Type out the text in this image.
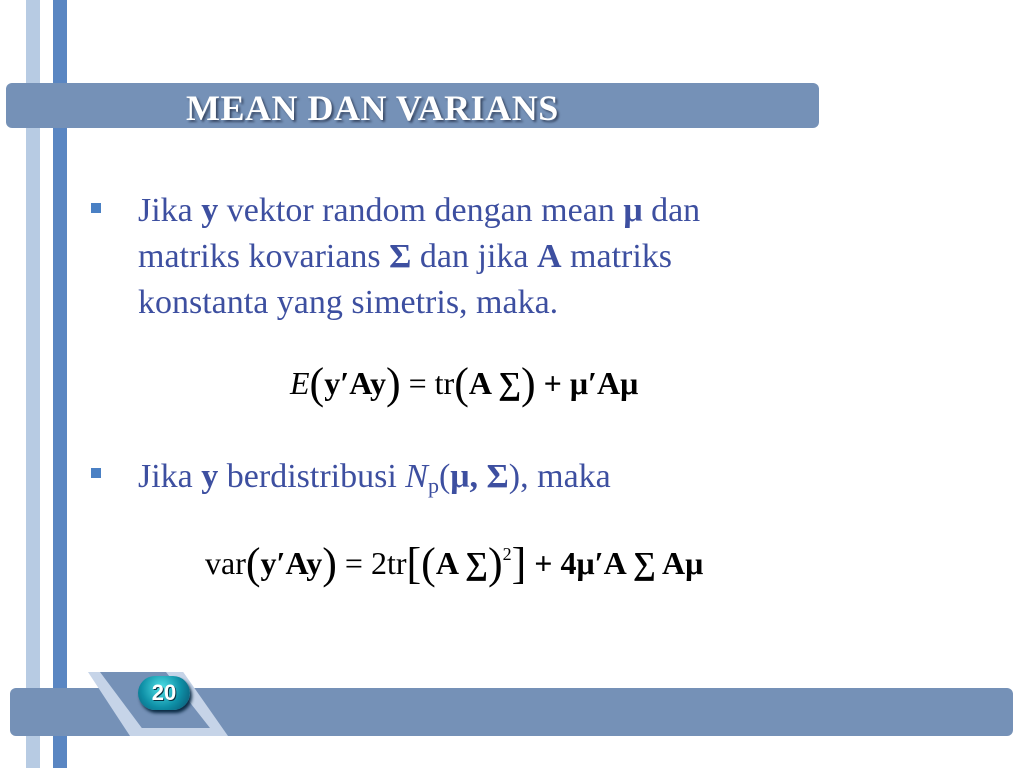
MEAN DAN VARIANS
Jika y vektor random dengan mean μ dan
matriks kovarians Σ dan jika A matriks
konstanta yang simetris, maka.
E(y′Ay) = tr(A ∑) + μ′Aμ
Jika y berdistribusi $N_p(\mu$, Σ), maka
var(y′Ay) = 2tr[(A ∑)$^2$] + 4μ′A ∑ Aμ
20
